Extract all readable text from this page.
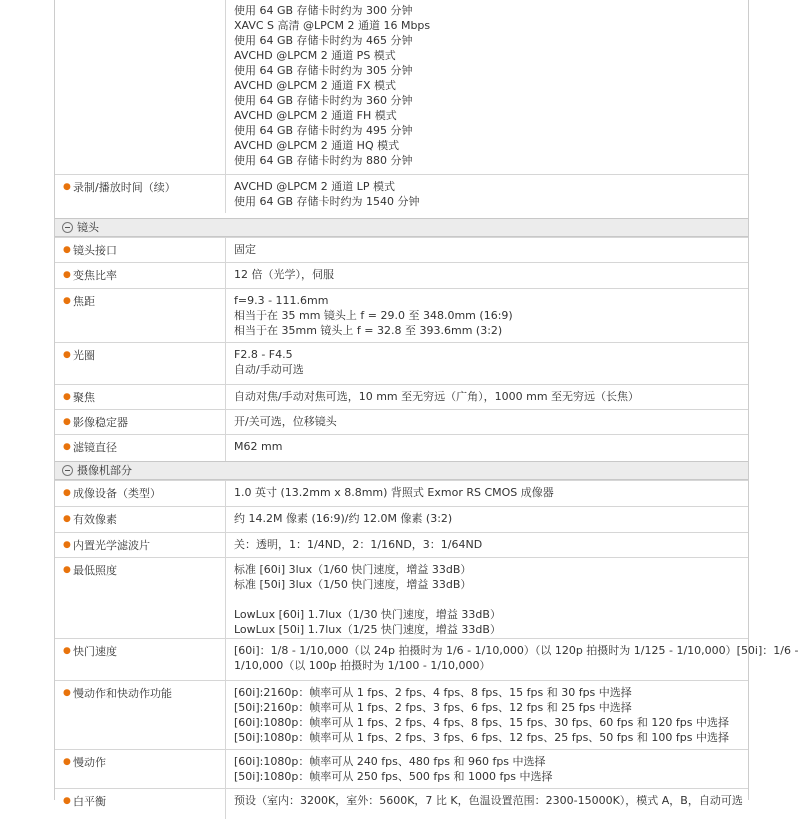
使用 64 GB 存储卡时约为 300 分钟
XAVC S 高清 @LPCM 2 通道 16 Mbps
使用 64 GB 存储卡时约为 465 分钟
AVCHD @LPCM 2 通道 PS 模式
使用 64 GB 存储卡时约为 305 分钟
AVCHD @LPCM 2 通道 FX 模式
使用 64 GB 存储卡时约为 360 分钟
AVCHD @LPCM 2 通道 FH 模式
使用 64 GB 存储卡时约为 495 分钟
AVCHD @LPCM 2 通道 HQ 模式
使用 64 GB 存储卡时约为 880 分钟
● 录制/播放时间（续）	AVCHD @LPCM 2 通道 LP 模式
使用 64 GB 存储卡时约为 1540 分钟
镜头
● 镜头接口	固定
● 变焦比率	12 倍（光学），伺服
● 焦距	f=9.3 - 111.6mm
相当于在 35 mm 镜头上 f = 29.0 至 348.0mm (16:9)
相当于在 35mm 镜头上 f = 32.8 至 393.6mm (3:2)
● 光圈	F2.8 - F4.5
自动/手动可选
● 聚焦	自动对焦/手动对焦可选，10 mm 至无穷远（广角），1000 mm 至无穷远（长焦）
● 影像稳定器	开/关可选，位移镜头
● 滤镜直径	M62 mm
摄像机部分
● 成像设备（类型）	1.0 英寸 (13.2mm x 8.8mm) 背照式 Exmor RS CMOS 成像器
● 有效像素	约 14.2M 像素 (16:9)/约 12.0M 像素 (3:2)
● 内置光学滤波片	关：透明，1：1/4ND，2：1/16ND，3：1/64ND
● 最低照度	标准 [60i] 3lux（1/60 快门速度，增益 33dB）
标准 [50i] 3lux（1/50 快门速度，增益 33dB）
LowLux [60i] 1.7lux（1/30 快门速度，增益 33dB）
LowLux [50i] 1.7lux（1/25 快门速度，增益 33dB）
● 快门速度	[60i]：1/8 - 1/10,000（以 24p 拍摄时为 1/6 - 1/10,000）（以 120p 拍摄时为 1/125 - 1/10,000）[50i]：1/6 -
1/10,000（以 100p 拍摄时为 1/100 - 1/10,000）
● 慢动作和快动作功能	[60i]:2160p：帧率可从 1 fps、2 fps、4 fps、8 fps、15 fps 和 30 fps 中选择
[50i]:2160p：帧率可从 1 fps、2 fps、3 fps、6 fps、12 fps 和 25 fps 中选择
[60i]:1080p：帧率可从 1 fps、2 fps、4 fps、8 fps、15 fps、30 fps、60 fps 和 120 fps 中选择
[50i]:1080p：帧率可从 1 fps、2 fps、3 fps、6 fps、12 fps、25 fps、50 fps 和 100 fps 中选择
● 慢动作	[60i]:1080p：帧率可从 240 fps、480 fps 和 960 fps 中选择
[50i]:1080p：帧率可从 250 fps、500 fps 和 1000 fps 中选择
● 白平衡	预设（室内：3200K，室外：5600K，7 比 K，色温设置范围：2300-15000K），模式 A，B，自动可选
